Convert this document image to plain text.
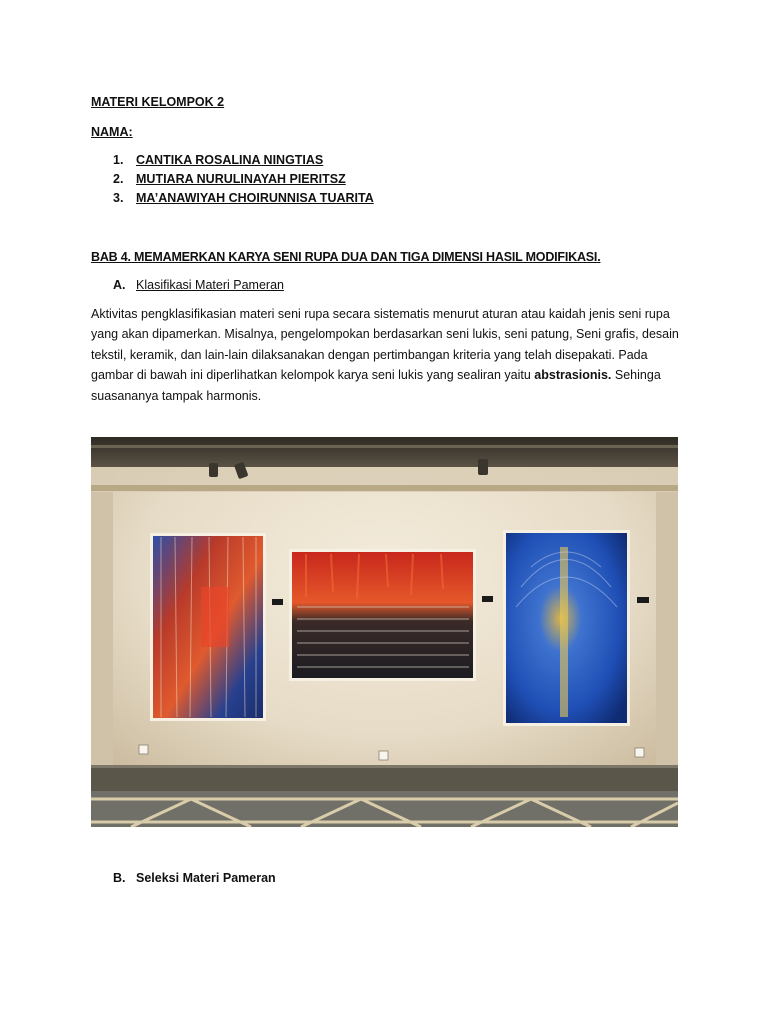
MATERI KELOMPOK 2
NAMA:
1. CANTIKA ROSALINA NINGTIAS
2. MUTIARA NURULINAYAH PIERITSZ
3. MA’ANAWIYAH CHOIRUNNISA TUARITA
BAB 4. MEMAMERKAN KARYA SENI RUPA DUA DAN TIGA DIMENSI HASIL MODIFIKASI.
A. Klasifikasi Materi Pameran
Aktivitas pengklasifikasian materi seni rupa secara sistematis menurut aturan atau kaidah jenis seni rupa yang akan dipamerkan. Misalnya, pengelompokan berdasarkan seni lukis, seni patung, Seni grafis, desain tekstil, keramik, dan lain-lain dilaksanakan dengan pertimbangan kriteria yang telah disepakati. Pada gambar di bawah ini diperlihatkan kelompok karya seni lukis yang sealiran yaitu abstrasionis. Sehinga suasananya tampak harmonis.
B. Seleksi Materi Pameran
